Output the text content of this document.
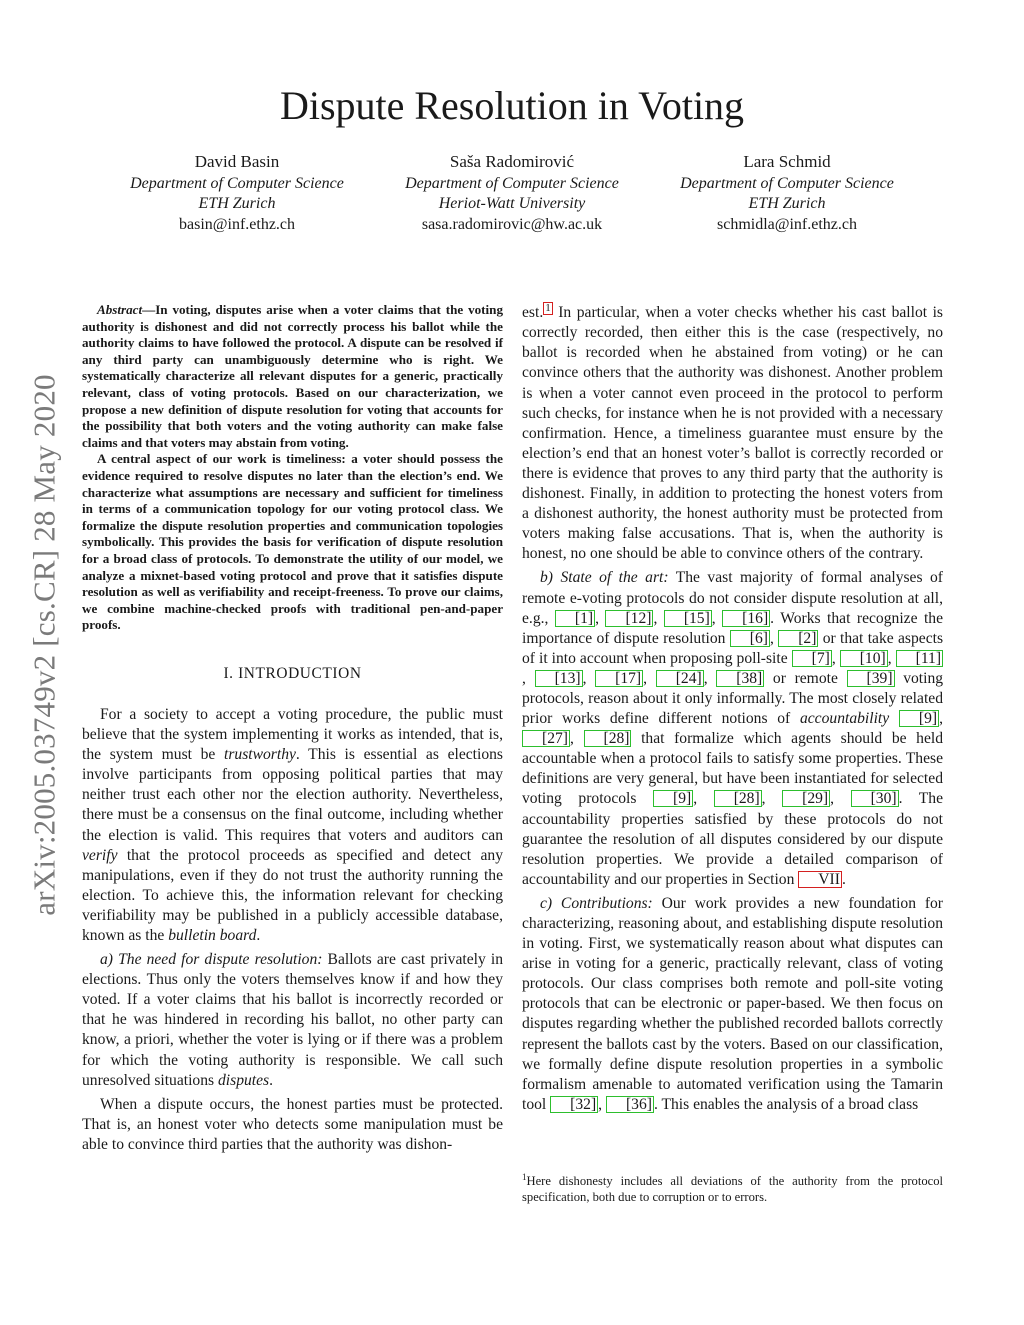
arXiv:2005.03749v2 [cs.CR] 28 May 2020
Dispute Resolution in Voting
David Basin
Department of Computer Science
ETH Zurich
basin@inf.ethz.ch
Saša Radomirović
Department of Computer Science
Heriot-Watt University
sasa.radomirovic@hw.ac.uk
Lara Schmid
Department of Computer Science
ETH Zurich
schmidla@inf.ethz.ch

Abstract—In voting, disputes arise when a voter claims that the voting authority is dishonest and did not correctly process his ballot while the authority claims to have followed the protocol. A dispute can be resolved if any third party can unambiguously determine who is right. We systematically characterize all relevant disputes for a generic, practically relevant, class of voting protocols. Based on our characterization, we propose a new definition of dispute resolution for voting that accounts for the possibility that both voters and the voting authority can make false claims and that voters may abstain from voting.

A central aspect of our work is timeliness: a voter should possess the evidence required to resolve disputes no later than the election’s end. We characterize what assumptions are necessary and sufficient for timeliness in terms of a communication topology for our voting protocol class. We formalize the dispute resolution properties and communication topologies symbolically. This provides the basis for verification of dispute resolution for a broad class of protocols. To demonstrate the utility of our model, we analyze a mixnet-based voting protocol and prove that it satisfies dispute resolution as well as verifiability and receipt-freeness. To prove our claims, we combine machine-checked proofs with traditional pen-and-paper proofs.

I. INTRODUCTION

For a society to accept a voting procedure, the public must believe that the system implementing it works as intended, that is, the system must be trustworthy. This is essential as elections involve participants from opposing political parties that may neither trust each other nor the election authority. Nevertheless, there must be a consensus on the final outcome, including whether the election is valid. This requires that voters and auditors can verify that the protocol proceeds as specified and detect any manipulations, even if they do not trust the authority running the election. To achieve this, the information relevant for checking verifiability may be published in a publicly accessible database, known as the bulletin board.

a) The need for dispute resolution: Ballots are cast privately in elections. Thus only the voters themselves know if and how they voted. If a voter claims that his ballot is incorrectly recorded or that he was hindered in recording his ballot, no other party can know, a priori, whether the voter is lying or if there was a problem for which the voting authority is responsible. We call such unresolved situations disputes.

When a dispute occurs, the honest parties must be protected. That is, an honest voter who detects some manipulation must be able to convince third parties that the authority was dishon-

est. 1 In particular, when a voter checks whether his cast ballot is correctly recorded, then either this is the case (respectively, no ballot is recorded when he abstained from voting) or he can convince others that the authority was dishonest. Another problem is when a voter cannot even proceed in the protocol to perform such checks, for instance when he is not provided with a necessary confirmation. Hence, a timeliness guarantee must ensure by the election’s end that an honest voter’s ballot is correctly recorded or there is evidence that proves to any third party that the authority is dishonest. Finally, in addition to protecting the honest voters from a dishonest authority, the honest authority must be protected from voters making false accusations. That is, when the authority is honest, no one should be able to convince others of the contrary.

b) State of the art: The vast majority of formal analyses of remote e-voting protocols do not consider dispute resolution at all, e.g., [1] , [12] , [15] , [16] . Works that recognize the importance of dispute resolution [6] , [2] or that take aspects of it into account when proposing poll-site [7] , [10] , [11], [13] , [17] , [24] , [38] or remote [39] voting protocols, reason about it only informally. The most closely related prior works define different notions of accountability [9] , [27] , [28] that formalize which agents should be held accountable when a protocol fails to satisfy some properties. These definitions are very general, but have been instantiated for selected voting protocols [9] , [28] , [29] , [30] . The accountability properties satisfied by these protocols do not guarantee the resolution of all disputes considered by our dispute resolution properties. We provide a detailed comparison of accountability and our properties in Section VII .

c) Contributions: Our work provides a new foundation for characterizing, reasoning about, and establishing dispute resolution in voting. First, we systematically reason about what disputes can arise in voting for a generic, practically relevant, class of voting protocols. Our class comprises both remote and poll-site voting protocols that can be electronic or paper-based. We then focus on disputes regarding whether the published recorded ballots correctly represent the ballots cast by the voters. Based on our classification, we formally define dispute resolution properties in a symbolic formalism amenable to automated verification using the Tamarin tool [32] , [36] . This enables the analysis of a broad class

$^1$Here dishonesty includes all deviations of the authority from the protocol specification, both due to corruption or to errors.
